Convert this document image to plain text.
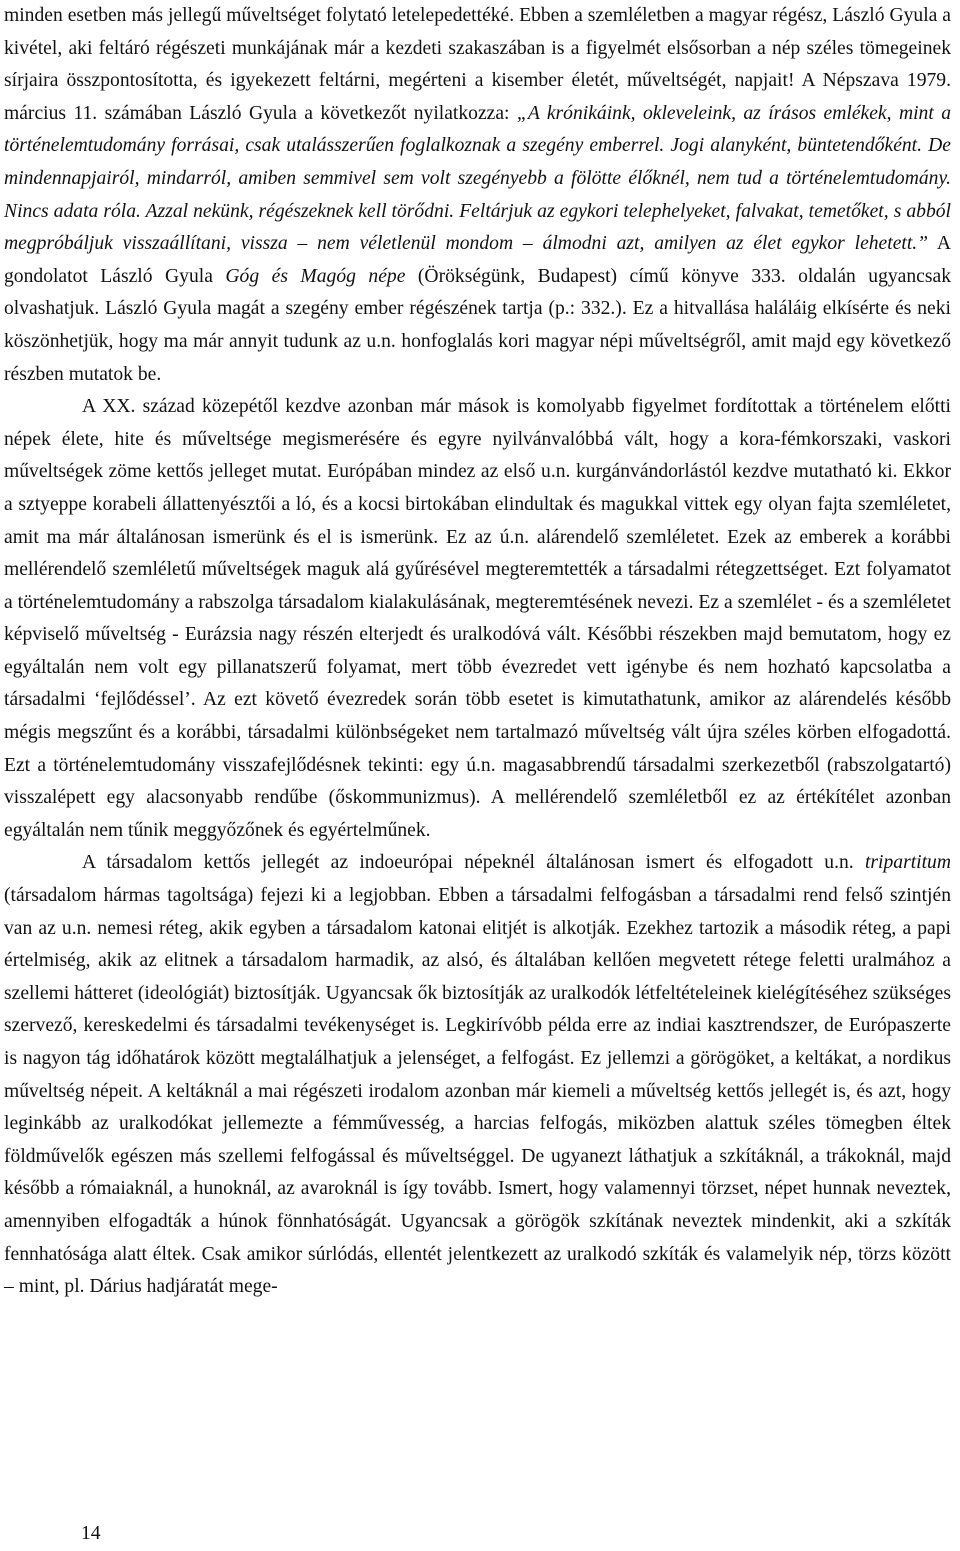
minden esetben más jellegű műveltséget folytató letelepedettéké. Ebben a szemléletben a magyar régész, László Gyula a kivétel, aki feltáró régészeti munkájának már a kezdeti szakaszában is a figyelmét elsősorban a nép széles tömegeinek sírjaira összpontosította, és igyekezett feltárni, megérteni a kisember életét, műveltségét, napjait! A Népszava 1979. március 11. számában László Gyula a következőt nyilatkozza: „A krónikáink, okleveleink, az írásos emlékek, mint a történelemtudomány forrásai, csak utalásszerűen foglalkoznak a szegény emberrel. Jogi alanyként, büntetendőként. De mindennapjairól, mindarról, amiben semmivel sem volt szegényebb a fölötte élőknél, nem tud a történelemtudomány. Nincs adata róla. Azzal nekünk, régészeknek kell törődni. Feltárjuk az egykori telephelyeket, falvakat, temetőket, s abból megpróbáljuk visszaállítani, vissza – nem véletlenül mondom – álmodni azt, amilyen az élet egykor lehetett.” A gondolatot László Gyula Góg és Magóg népe (Örökségünk, Budapest) című könyve 333. oldalán ugyancsak olvashatjuk. László Gyula magát a szegény ember régészének tartja (p.: 332.). Ez a hitvallása haláláig elkísérte és neki köszönhetjük, hogy ma már annyit tudunk az u.n. honfoglalás kori magyar népi műveltségről, amit majd egy következő részben mutatok be.

A XX. század közepétől kezdve azonban már mások is komolyabb figyelmet fordítottak a történelem előtti népek élete, hite és műveltsége megismerésére és egyre nyilvánvalóbbá vált, hogy a kora-fémkorszaki, vaskori műveltségek zöme kettős jelleget mutat. Európában mindez az első u.n. kurgánvándorlástól kezdve mutatható ki. Ekkor a sztyeppe korabeli állattenyésztői a ló, és a kocsi birtokában elindultak és magukkal vittek egy olyan fajta szemléletet, amit ma már általánosan ismerünk és el is ismerünk. Ez az ú.n. alárendelő szemléletet. Ezek az emberek a korábbi mellérendelő szemléletű műveltségek maguk alá gyűrésével megteremtették a társadalmi rétegzettséget. Ezt folyamatot a történelemtudomány a rabszolga társadalom kialakulásának, megteremtésének nevezi. Ez a szemlélet - és a szemléletet képviselő műveltség - Eurázsia nagy részén elterjedt és uralkodóvá vált. Későbbi részekben majd bemutatom, hogy ez egyáltalán nem volt egy pillanatszerű folyamat, mert több évezredet vett igénybe és nem hozható kapcsolatba a társadalmi ‘fejlődéssel’. Az ezt követő évezredek során több esetet is kimutathatunk, amikor az alárendelés később mégis megszűnt és a korábbi, társadalmi különbségeket nem tartalmazó műveltség vált újra széles körben elfogadottá. Ezt a történelemtudomány visszafejlődésnek tekinti: egy ú.n. magasabbrendű társadalmi szerkezetből (rabszolgatartó) visszalépett egy alacsonyabb rendűbe (őskommunizmus). A mellérendelő szemléletből ez az értékítélet azonban egyáltalán nem tűnik meggyőzőnek és egyértelműnek.

A társadalom kettős jellegét az indoeurópai népeknél általánosan ismert és elfogadott u.n. tripartitum (társadalom hármas tagoltsága) fejezi ki a legjobban. Ebben a társadalmi felfogásban a társadalmi rend felső szintjén van az u.n. nemesi réteg, akik egyben a társadalom katonai elitjét is alkotják. Ezekhez tartozik a második réteg, a papi értelmiség, akik az elitnek a társadalom harmadik, az alsó, és általában kellően megvetett rétege feletti uralmához a szellemi hátteret (ideológiát) biztosítják. Ugyancsak ők biztosítják az uralkodók létfeltételeinek kielégítéséhez szükséges szervező, kereskedelmi és társadalmi tevékenységet is. Legkirívóbb példa erre az indiai kasztrendszer, de Európaszerte is nagyon tág időhatárok között megtalálhatjuk a jelenséget, a felfogást. Ez jellemzi a görögöket, a keltákat, a nordikus műveltség népeit. A keltáknál a mai régészeti irodalom azonban már kiemeli a műveltség kettős jellegét is, és azt, hogy leginkább az uralkodókat jellemezte a fémművesség, a harcias felfogás, miközben alattuk széles tömegben éltek földművelők egészen más szellemi felfogással és műveltséggel. De ugyanezt láthatjuk a szkítáknál, a trákoknál, majd később a rómaiaknál, a hunoknál, az avaroknál is így tovább. Ismert, hogy valamennyi törzset, népet hunnak neveztek, amennyiben elfogadták a húnok fönnhatóságát. Ugyancsak a görögök szkítának neveztek mindenkit, aki a szkíták fennhatósága alatt éltek. Csak amikor súrlódás, ellentét jelentkezett az uralkodó szkíták és valamelyik nép, törzs között – mint, pl. Dárius hadjáratát mege-

14
